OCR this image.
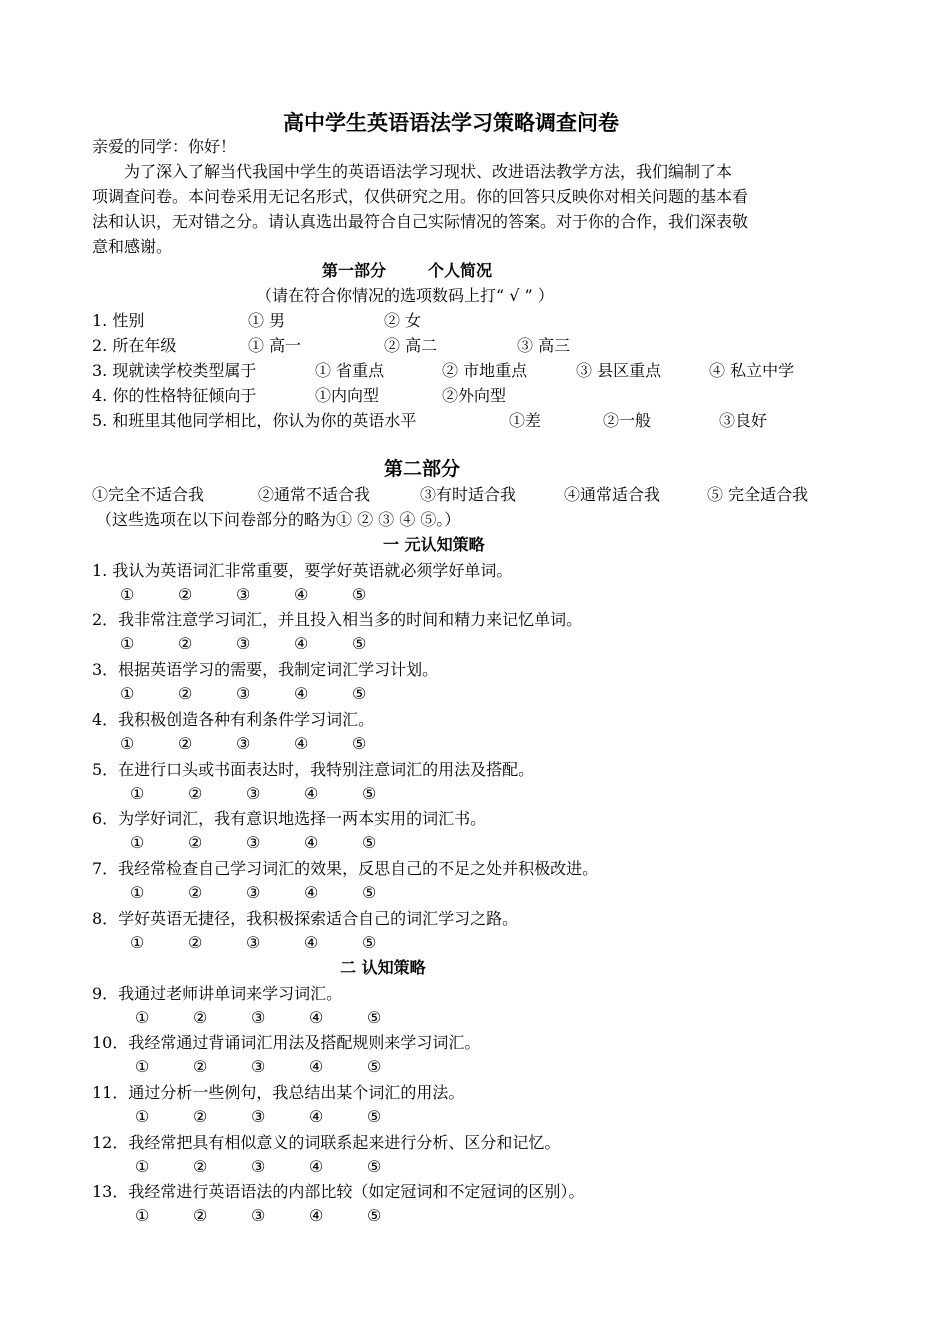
高中学生英语语法学习策略调查问卷
亲爱的同学：你好！
为了深入了解当代我国中学生的英语语法学习现状、改进语法教学方法，我们编制了本
项调查问卷。本问卷采用无记名形式，仅供研究之用。你的回答只反映你对相关问题的基本看
法和认识，无对错之分。请认真选出最符合自己实际情况的答案。对于你的合作，我们深表敬
意和感谢。
第一部分	个人简况
（请在符合你情况的选项数码上打“ √ ” ）
1. 性别	① 男	② 女
2. 所在年级	① 高一	② 高二	③ 高三
3. 现就读学校类型属于	① 省重点	② 市地重点	③ 县区重点	④ 私立中学
4. 你的性格特征倾向于	①内向型	②外向型
5. 和班里其他同学相比，你认为你的英语水平	①差	②一般	③良好
第二部分
①完全不适合我	②通常不适合我	③有时适合我	④通常适合我	⑤ 完全适合我
（这些选项在以下问卷部分的略为① ② ③ ④ ⑤。）
一 元认知策略
1. 我认为英语词汇非常重要，要学好英语就必须学好单词。
①	②	③	④	⑤
2．我非常注意学习词汇，并且投入相当多的时间和精力来记忆单词。
①	②	③	④	⑤
3．根据英语学习的需要，我制定词汇学习计划。
①	②	③	④	⑤
4．我积极创造各种有利条件学习词汇。
①	②	③	④	⑤
5．在进行口头或书面表达时，我特别注意词汇的用法及搭配。
①	②	③	④	⑤
6．为学好词汇，我有意识地选择一两本实用的词汇书。
①	②	③	④	⑤
7．我经常检查自己学习词汇的效果，反思自己的不足之处并积极改进。
①	②	③	④	⑤
8．学好英语无捷径，我积极探索适合自己的词汇学习之路。
①	②	③	④	⑤
9．我通过老师讲单词来学习词汇。
①	②	③	④	⑤
10．我经常通过背诵词汇用法及搭配规则来学习词汇。
①	②	③	④	⑤
11．通过分析一些例句，我总结出某个词汇的用法。
①	②	③	④	⑤
12．我经常把具有相似意义的词联系起来进行分析、区分和记忆。
①	②	③	④	⑤
13．我经常进行英语语法的内部比较（如定冠词和不定冠词的区别）。
①	②	③	④	⑤
二 认知策略
